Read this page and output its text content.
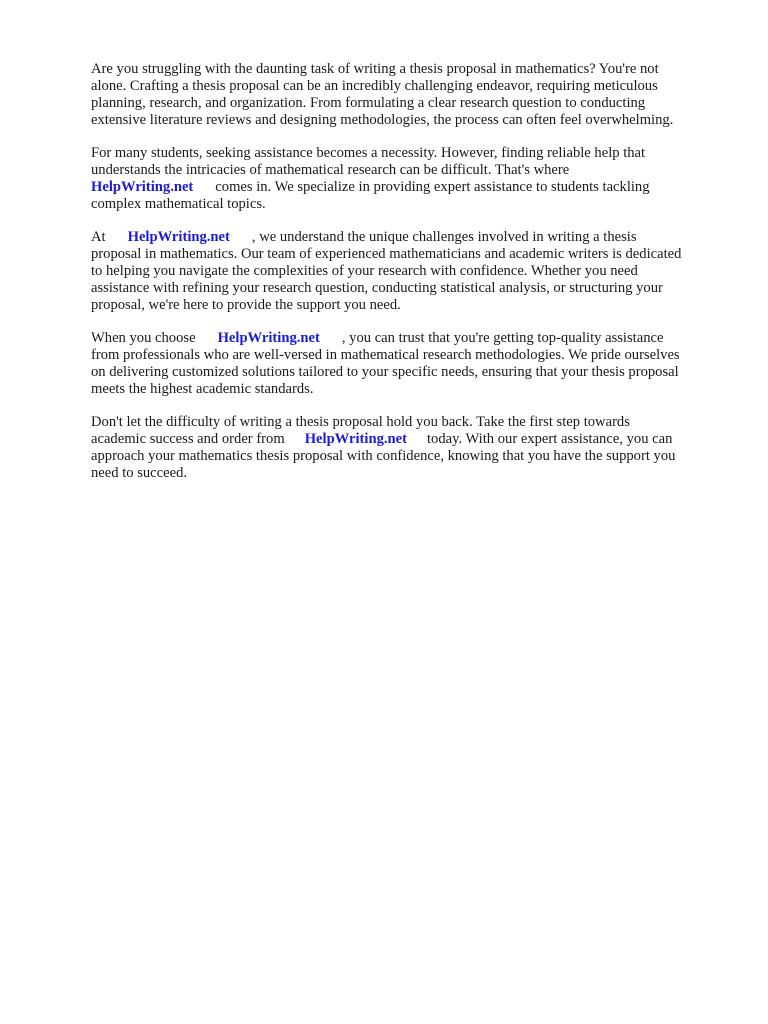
Are you struggling with the daunting task of writing a thesis proposal in mathematics? You're not
alone. Crafting a thesis proposal can be an incredibly challenging endeavor, requiring meticulous
planning, research, and organization. From formulating a clear research question to conducting
extensive literature reviews and designing methodologies, the process can often feel overwhelming.

For many students, seeking assistance becomes a necessity. However, finding reliable help that
understands the intricacies of mathematical research can be difficult. That's where
HelpWriting.net comes in. We specialize in providing expert assistance to students tackling
complex mathematical topics.

At HelpWriting.net , we understand the unique challenges involved in writing a thesis
proposal in mathematics. Our team of experienced mathematicians and academic writers is dedicated
to helping you navigate the complexities of your research with confidence. Whether you need
assistance with refining your research question, conducting statistical analysis, or structuring your
proposal, we're here to provide the support you need.

When you choose HelpWriting.net , you can trust that you're getting top-quality assistance
from professionals who are well-versed in mathematical research methodologies. We pride ourselves
on delivering customized solutions tailored to your specific needs, ensuring that your thesis proposal
meets the highest academic standards.

Don't let the difficulty of writing a thesis proposal hold you back. Take the first step towards
academic success and order from HelpWriting.net today. With our expert assistance, you can
approach your mathematics thesis proposal with confidence, knowing that you have the support you
need to succeed.
